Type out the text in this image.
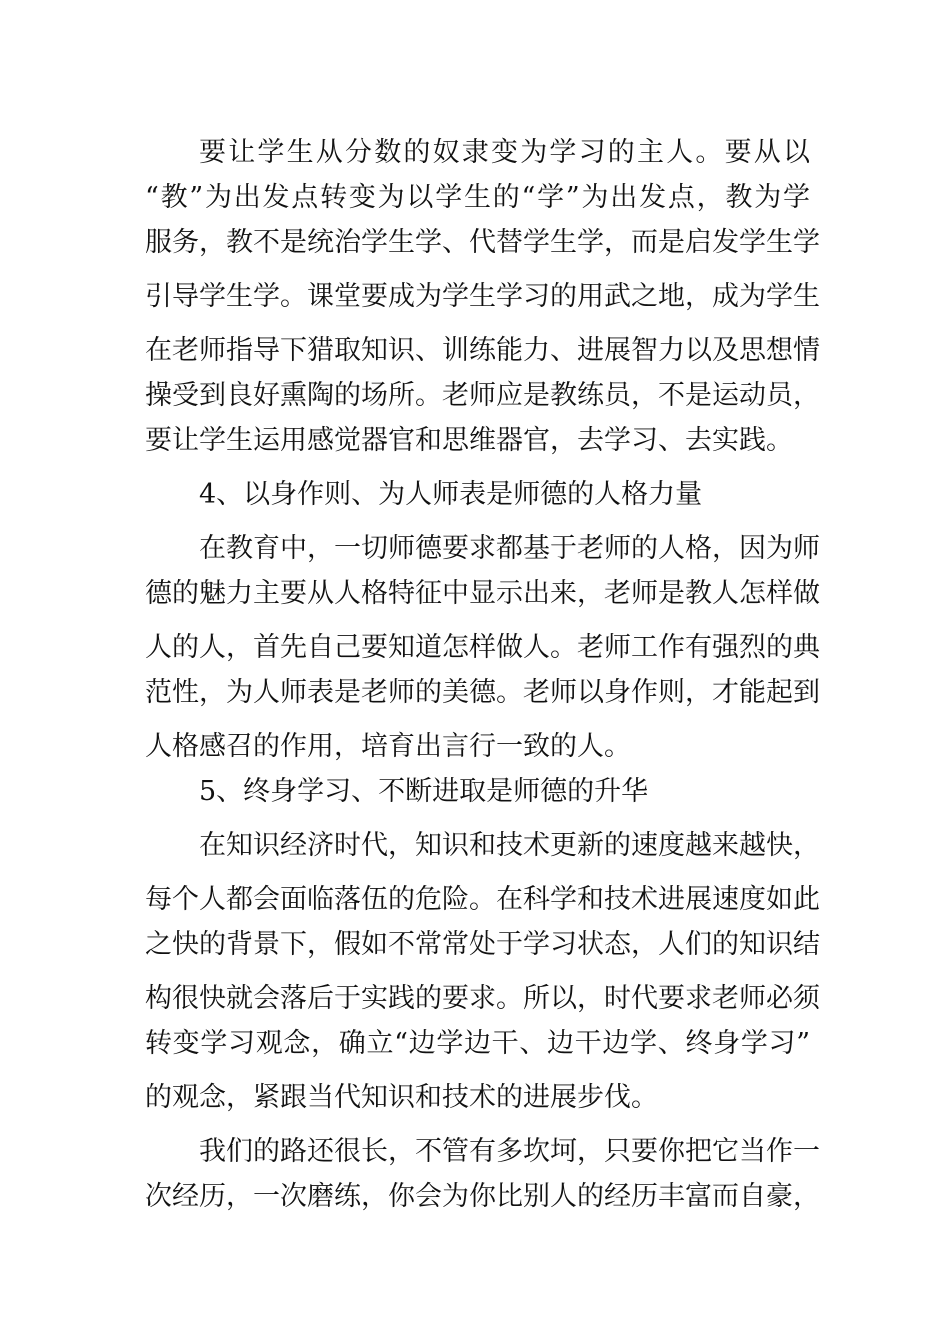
要让学生从分数的奴隶变为学习的主人。要从以
“教”为出发点转变为以学生的“学”为出发点，教为学
服务，教不是统治学生学、代替学生学，而是启发学生学
引导学生学。课堂要成为学生学习的用武之地，成为学生
在老师指导下猎取知识、训练能力、进展智力以及思想情
操受到良好熏陶的场所。老师应是教练员，不是运动员，
要让学生运用感觉器官和思维器官，去学习、去实践。
4、以身作则、为人师表是师德的人格力量
在教育中，一切师德要求都基于老师的人格，因为师
德的魅力主要从人格特征中显示出来，老师是教人怎样做
人的人，首先自己要知道怎样做人。老师工作有强烈的典
范性，为人师表是老师的美德。老师以身作则，才能起到
人格感召的作用，培育出言行一致的人。
5、终身学习、不断进取是师德的升华
在知识经济时代，知识和技术更新的速度越来越快，
每个人都会面临落伍的危险。在科学和技术进展速度如此
之快的背景下，假如不常常处于学习状态，人们的知识结
构很快就会落后于实践的要求。所以，时代要求老师必须
转变学习观念，确立“边学边干、边干边学、终身学习”
的观念，紧跟当代知识和技术的进展步伐。
我们的路还很长，不管有多坎坷，只要你把它当作一
次经历，一次磨练，你会为你比别人的经历丰富而自豪，
